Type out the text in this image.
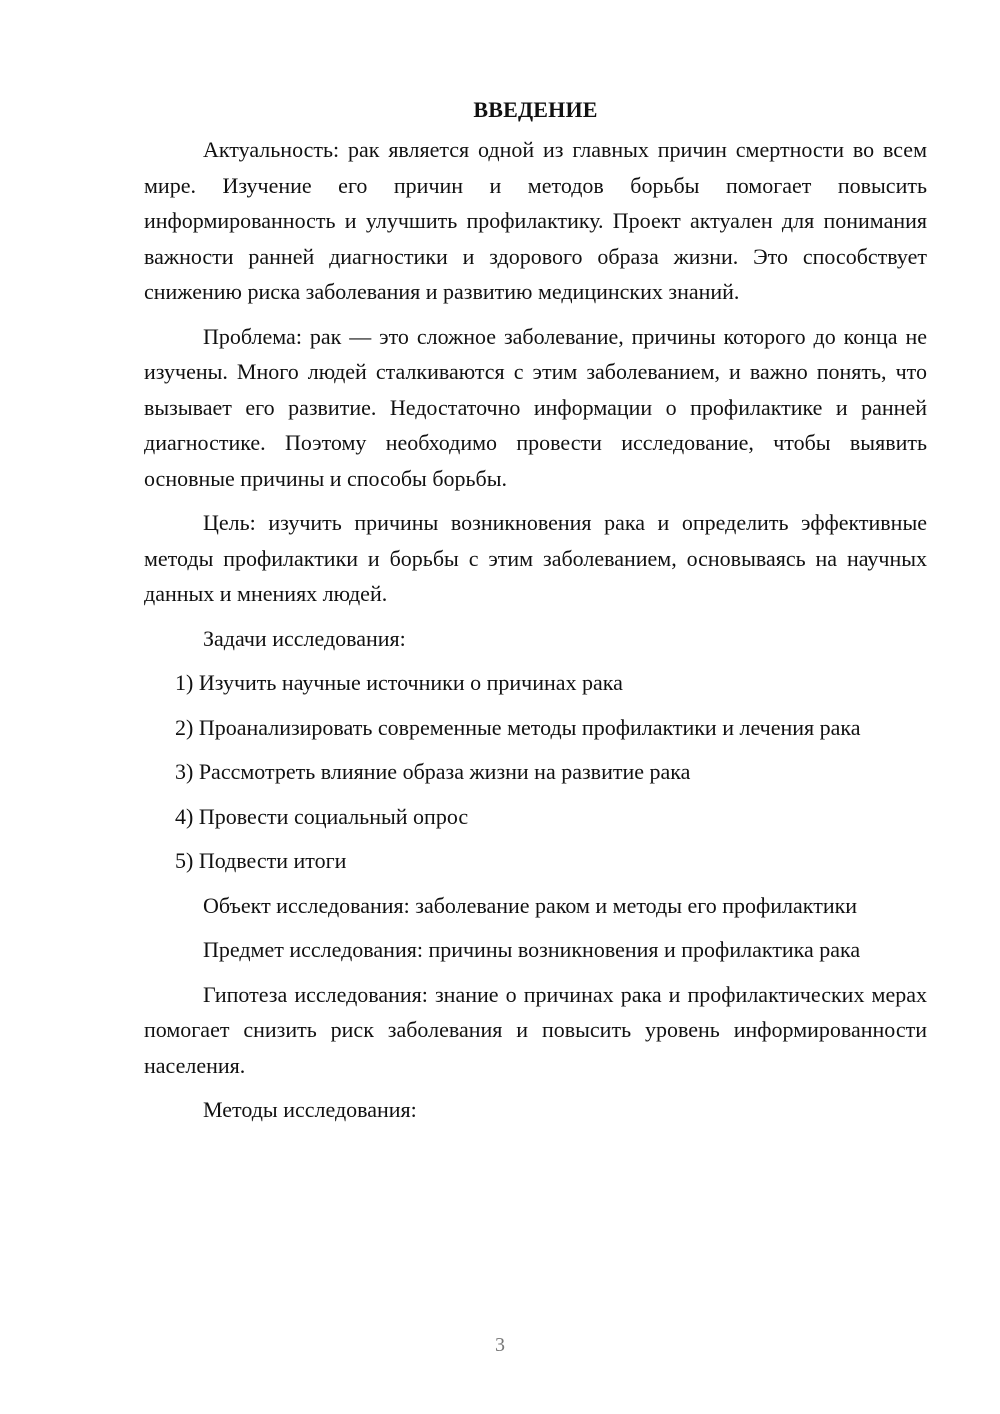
ВВЕДЕНИЕ

Актуальность: рак является одной из главных причин смертности во всем мире. Изучение его причин и методов борьбы помогает повысить информированность и улучшить профилактику. Проект актуален для понимания важности ранней диагностики и здорового образа жизни. Это способствует снижению риска заболевания и развитию медицинских знаний.

Проблема: рак — это сложное заболевание, причины которого до конца не изучены. Много людей сталкиваются с этим заболеванием, и важно понять, что вызывает его развитие. Недостаточно информации о профилактике и ранней диагностике. Поэтому необходимо провести исследование, чтобы выявить основные причины и способы борьбы.

Цель: изучить причины возникновения рака и определить эффективные методы профилактики и борьбы с этим заболеванием, основываясь на научных данных и мнениях людей.

Задачи исследования:

1) Изучить научные источники о причинах рака

2) Проанализировать современные методы профилактики и лечения рака

3) Рассмотреть влияние образа жизни на развитие рака

4) Провести социальный опрос

5) Подвести итоги

Объект исследования: заболевание раком и методы его профилактики

Предмет исследования: причины возникновения и профилактика рака

Гипотеза исследования: знание о причинах рака и профилактических мерах помогает снизить риск заболевания и повысить уровень информированности населения.

Методы исследования:

3
